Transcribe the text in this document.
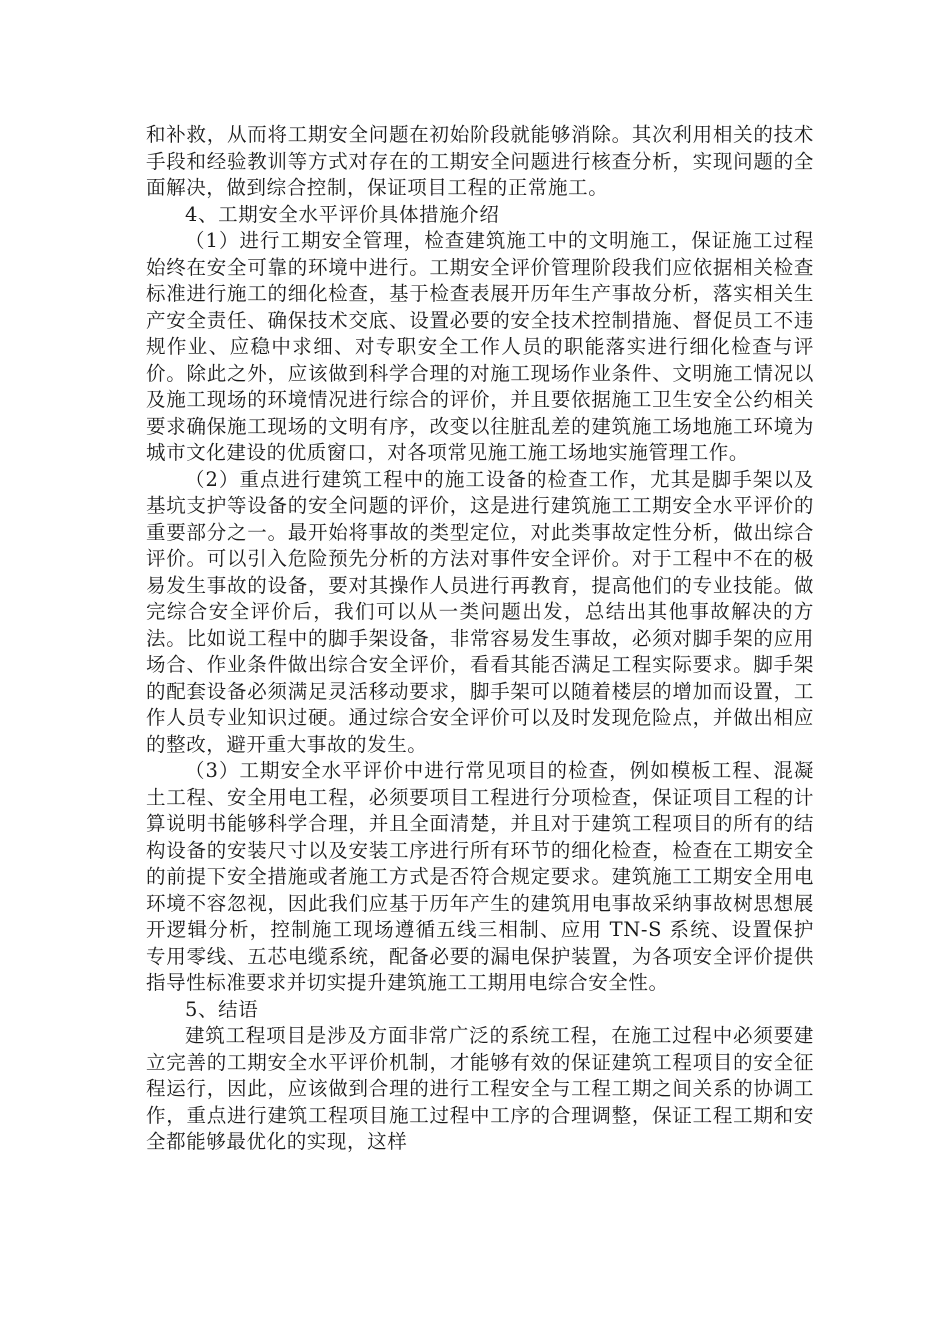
和补救，从而将工期安全问题在初始阶段就能够消除。其次利用相关的技术手段和经验教训等方式对存在的工期安全问题进行核查分析，实现问题的全面解决，做到综合控制，保证项目工程的正常施工。

4、工期安全水平评价具体措施介绍

（1）进行工期安全管理，检查建筑施工中的文明施工，保证施工过程始终在安全可靠的环境中进行。工期安全评价管理阶段我们应依据相关检查标准进行施工的细化检查，基于检查表展开历年生产事故分析，落实相关生产安全责任、确保技术交底、设置必要的安全技术控制措施、督促员工不违规作业、应稳中求细、对专职安全工作人员的职能落实进行细化检查与评价。除此之外，应该做到科学合理的对施工现场作业条件、文明施工情况以及施工现场的环境情况进行综合的评价，并且要依据施工卫生安全公约相关要求确保施工现场的文明有序，改变以往脏乱差的建筑施工场地施工环境为城市文化建设的优质窗口，对各项常见施工施工场地实施管理工作。

（2）重点进行建筑工程中的施工设备的检查工作，尤其是脚手架以及基坑支护等设备的安全问题的评价，这是进行建筑施工工期安全水平评价的重要部分之一。最开始将事故的类型定位，对此类事故定性分析，做出综合评价。可以引入危险预先分析的方法对事件安全评价。对于工程中不在的极易发生事故的设备，要对其操作人员进行再教育，提高他们的专业技能。做完综合安全评价后，我们可以从一类问题出发，总结出其他事故解决的方法。比如说工程中的脚手架设备，非常容易发生事故，必须对脚手架的应用场合、作业条件做出综合安全评价，看看其能否满足工程实际要求。脚手架的配套设备必须满足灵活移动要求，脚手架可以随着楼层的增加而设置，工作人员专业知识过硬。通过综合安全评价可以及时发现危险点，并做出相应的整改，避开重大事故的发生。

（3）工期安全水平评价中进行常见项目的检查，例如模板工程、混凝土工程、安全用电工程，必须要项目工程进行分项检查，保证项目工程的计算说明书能够科学合理，并且全面清楚，并且对于建筑工程项目的所有的结构设备的安装尺寸以及安装工序进行所有环节的细化检查，检查在工期安全的前提下安全措施或者施工方式是否符合规定要求。建筑施工工期安全用电环境不容忽视，因此我们应基于历年产生的建筑用电事故采纳事故树思想展开逻辑分析，控制施工现场遵循五线三相制、应用 TN-S 系统、设置保护专用零线、五芯电缆系统，配备必要的漏电保护装置，为各项安全评价提供指导性标准要求并切实提升建筑施工工期用电综合安全性。

5、结语

建筑工程项目是涉及方面非常广泛的系统工程，在施工过程中必须要建立完善的工期安全水平评价机制，才能够有效的保证建筑工程项目的安全征程运行，因此，应该做到合理的进行工程安全与工程工期之间关系的协调工作，重点进行建筑工程项目施工过程中工序的合理调整，保证工程工期和安全都能够最优化的实现，这样
